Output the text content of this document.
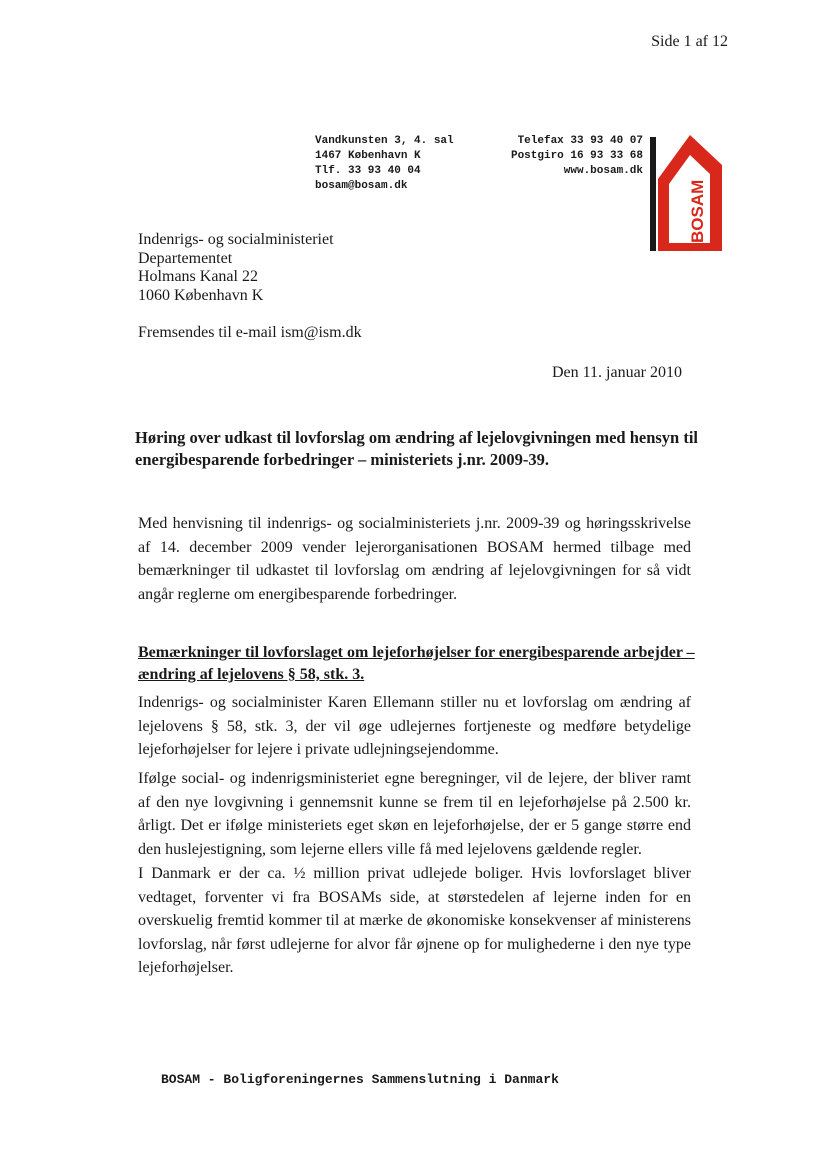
Side 1 af 12
Vandkunsten 3, 4. sal
1467 København K
Tlf. 33 93 40 04
bosam@bosam.dk
Telefax 33 93 40 07
Postgiro 16 93 33 68
www.bosam.dk
BOSAM
Indenrigs- og socialministeriet
Departementet
Holmans Kanal 22
1060 København K
Fremsendes til e-mail ism@ism.dk
Den 11. januar 2010
Høring over udkast til lovforslag om ændring af lejelovgivningen med hensyn til energibesparende forbedringer – ministeriets j.nr. 2009-39.

Med henvisning til indenrigs- og socialministeriets j.nr. 2009-39 og høringsskrivelse af 14. december 2009 vender lejerorganisationen BOSAM hermed tilbage med bemærkninger til udkastet til lovforslag om ændring af lejelovgivningen for så vidt angår reglerne om energibesparende forbedringer.

Bemærkninger til lovforslaget om lejeforhøjelser for energibesparende arbejder – ændring af lejelovens § 58, stk. 3.

Indenrigs- og socialminister Karen Ellemann stiller nu et lovforslag om ændring af lejelovens § 58, stk. 3, der vil øge udlejernes fortjeneste og medføre betydelige lejeforhøjelser for lejere i private udlejningsejendomme.

Ifølge social- og indenrigsministeriet egne beregninger, vil de lejere, der bliver ramt af den nye lovgivning i gennemsnit kunne se frem til en lejeforhøjelse på 2.500 kr. årligt. Det er ifølge ministeriets eget skøn en lejeforhøjelse, der er 5 gange større end den huslejestigning, som lejerne ellers ville få med lejelovens gældende regler.

I Danmark er der ca. ½ million privat udlejede boliger. Hvis lovforslaget bliver vedtaget, forventer vi fra BOSAMs side, at størstedelen af lejerne inden for en overskuelig fremtid kommer til at mærke de økonomiske konsekvenser af ministerens lovforslag, når først udlejerne for alvor får øjnene op for mulighederne i den nye type lejeforhøjelser.

BOSAM - Boligforeningernes Sammenslutning i Danmark
